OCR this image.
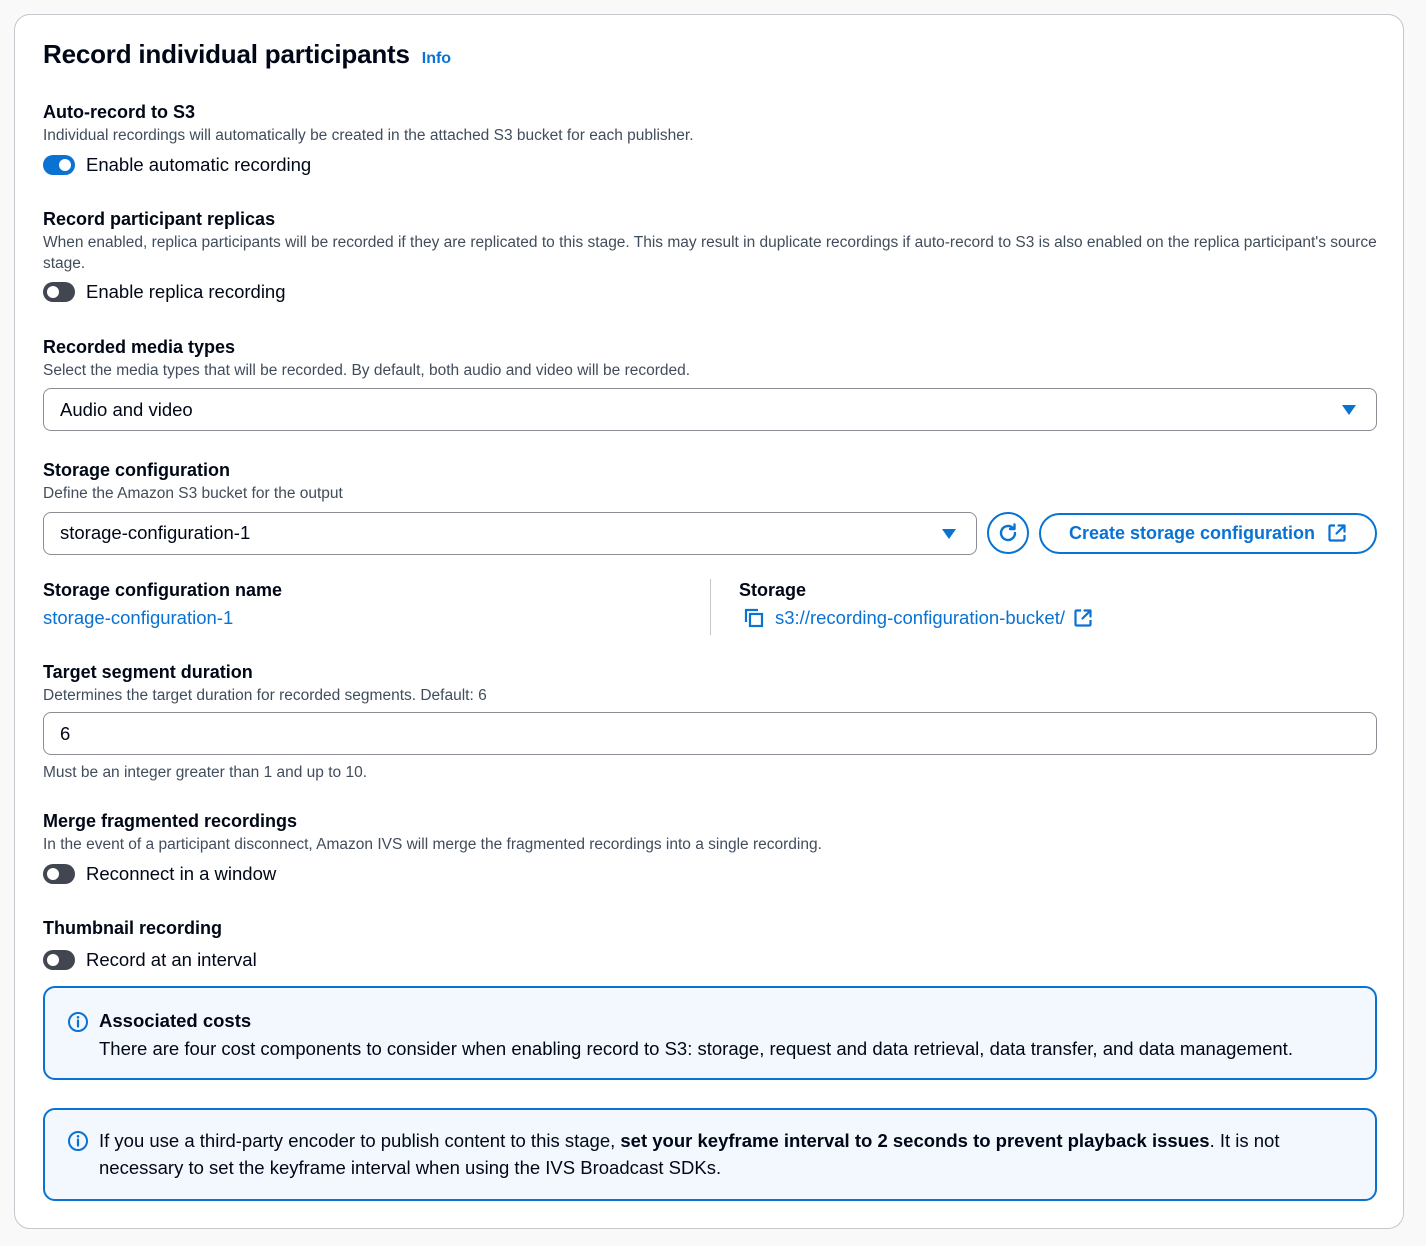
Record individual participants Info
Auto-record to S3
Individual recordings will automatically be created in the attached S3 bucket for each publisher.
Enable automatic recording
Record participant replicas
When enabled, replica participants will be recorded if they are replicated to this stage. This may result in duplicate recordings if auto-record to S3 is also enabled on the replica participant's source stage.
Enable replica recording
Recorded media types
Select the media types that will be recorded. By default, both audio and video will be recorded.
Audio and video
Storage configuration
Define the Amazon S3 bucket for the output
storage-configuration-1	Create storage configuration
Storage configuration name
storage-configuration-1
Storage
s3://recording-configuration-bucket/
Target segment duration
Determines the target duration for recorded segments. Default: 6
6
Must be an integer greater than 1 and up to 10.
Merge fragmented recordings
In the event of a participant disconnect, Amazon IVS will merge the fragmented recordings into a single recording.
Reconnect in a window
Thumbnail recording
Record at an interval
Associated costs
There are four cost components to consider when enabling record to S3: storage, request and data retrieval, data transfer, and data management.
If you use a third-party encoder to publish content to this stage, set your keyframe interval to 2 seconds to prevent playback issues. It is not necessary to set the keyframe interval when using the IVS Broadcast SDKs.
